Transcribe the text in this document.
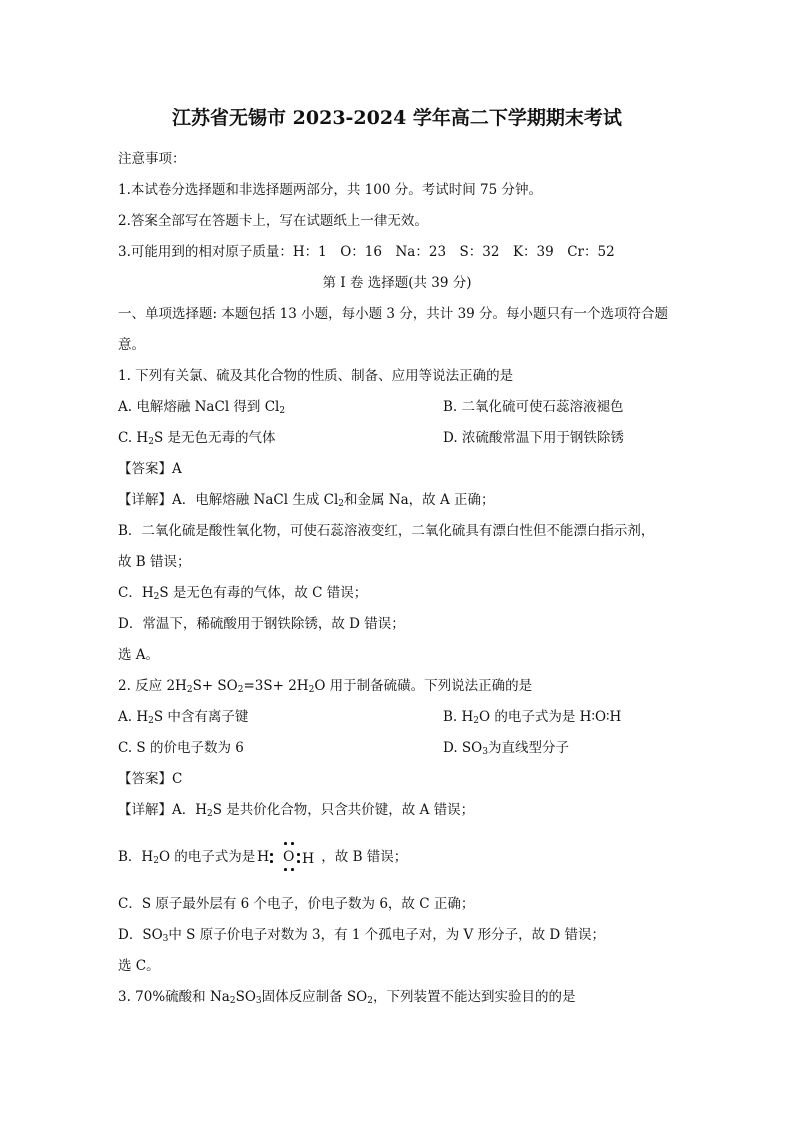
江苏省无锡市 2023-2024 学年高二下学期期末考试
注意事项：
1.本试卷分选择题和非选择题两部分，共 100 分。考试时间 75 分钟。
2.答案全部写在答题卡上，写在试题纸上一律无效。
3.可能用到的相对原子质量：H：1　O：16　Na：23　S：32　K：39　Cr：52
第 I 卷 选择题(共 39 分)
一、单项选择题: 本题包括 13 小题，每小题 3 分，共计 39 分。每小题只有一个选项符合题
意。
1. 下列有关氯、硫及其化合物的性质、制备、应用等说法正确的是
A. 电解熔融 NaCl 得到 $Cl_2$	B. 二氧化硫可使石蕊溶液褪色
C. $H_2S$ 是无色无毒的气体	D. 浓硫酸常温下用于钢铁除锈
【答案】A
【详解】A．电解熔融 NaCl 生成 $Cl_2$和金属 Na，故 A 正确；
B．二氧化硫是酸性氧化物，可使石蕊溶液变红，二氧化硫具有漂白性但不能漂白指示剂，
故 B 错误；
C．$H_2S$ 是无色有毒的气体，故 C 错误；
D．常温下，稀硫酸用于钢铁除锈，故 D 错误；
选 A。
2. 反应 $2H_2S+ SO_2=3S+ 2H_2O$ 用于制备硫磺。下列说法正确的是
A. $H_2S$ 中含有离子键	B. $H_2O$ 的电子式为是 H∶O∶H
C. S 的价电子数为 6	D. $SO_3$为直线型分子
【答案】C
【详解】A．$H_2S$ 是共价化合物，只含共价键，故 A 错误；
B．$H_2O$ 的电子式为是	，故 B 错误；
H O H
C．S 原子最外层有 6 个电子，价电子数为 6，故 C 正确；
D．$SO_3$中 S 原子价电子对数为 3，有 1 个孤电子对，为 V 形分子，故 D 错误；
选 C。
3. 70%硫酸和 $Na_2SO_3$固体反应制备 $SO_2$，下列装置不能达到实验目的的是
